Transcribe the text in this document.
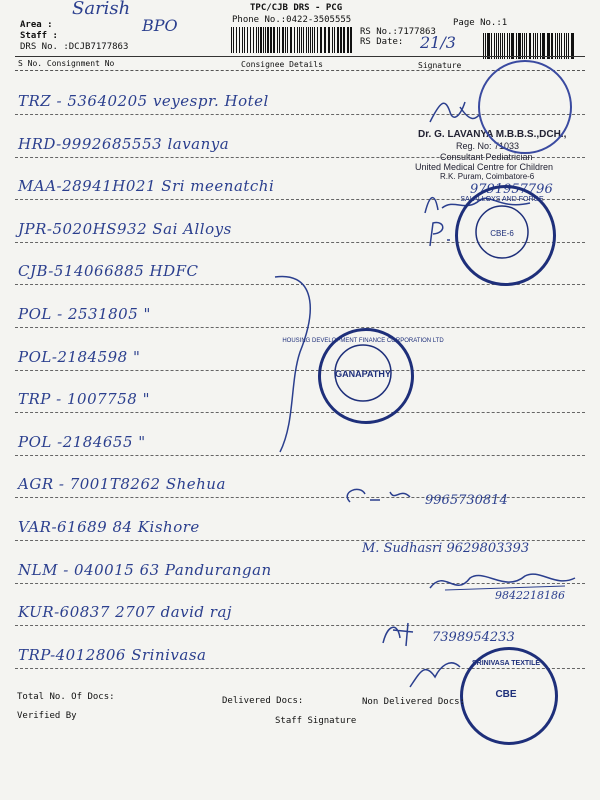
Sarish
BPO
TPC/CJB DRS - PCG
Phone No.:0422-3505555	Page No.:1
Area :
Staff :
DRS No. :DCJB7177863
RS No.:7177863
RS Date: 21/3
S No. Consignment No	Consignee Details	Signature
TRZ - 53640205 veyespr. Hotel
HRD-9992685553 lavanya
MAA-28941H021 Sri meenatchi
JPR-5020HS932 Sai Alloys
CJB-514066885 HDFC
POL - 2531805 "
POL-2184598 "
TRP - 1007758 "
POL -2184655 "
AGR - 7001T8262 Shehua
VAR-61689 84 Kishore
NLM - 040015 63 Pandurangan
KUR-60837 2707 david raj
TRP-4012806 Srinivasa
Dr. G. LAVANYA M.B.B.S.,DCH.,
Reg. No: 71033
Consultant Pediatrician
United Medical Centre for Children
R.K. Puram, Coimbatore-6
9791957796
9965730814
M. Sudhasri 9629803393
9842218186
7398954233
GANAPATHY
HOUSING DEVELOPMENT FINANCE CORPORATION LTD
CBE-6
SAI ALLOYS AND FORGE
CBE
SRINIVASA TEXTILE
Total No. Of Docs:	Delivered Docs:	Non Delivered Docs:
Verified By	Staff Signature
